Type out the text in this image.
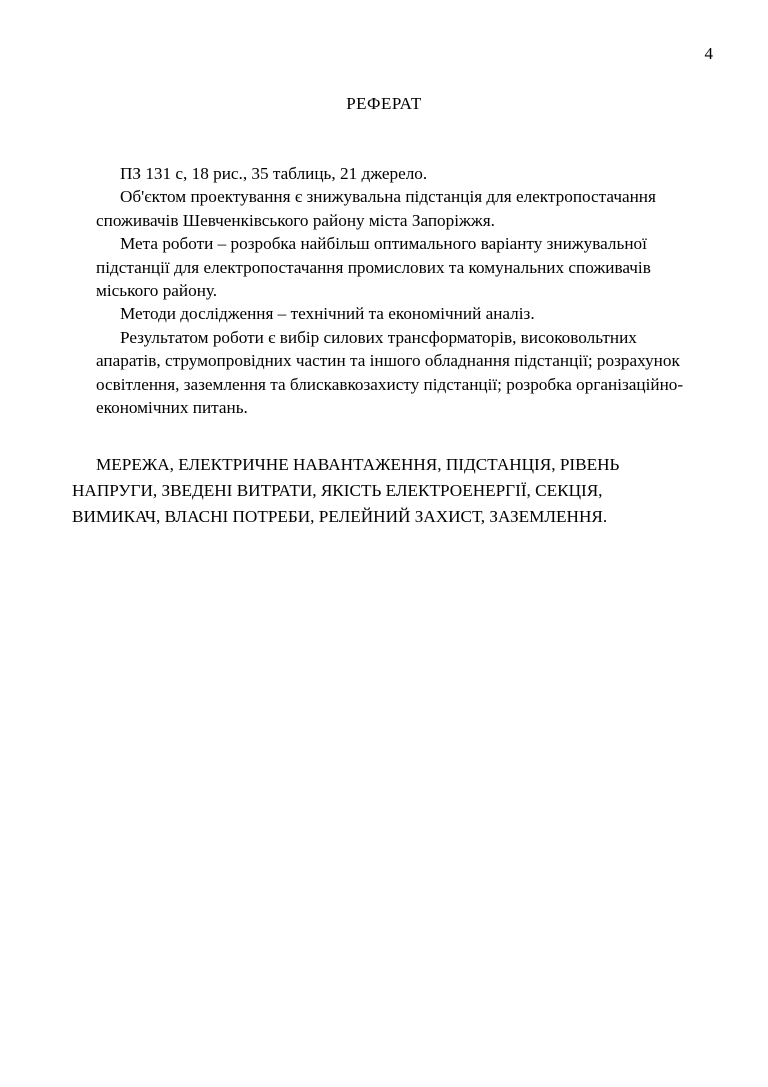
4
РЕФЕРАТ

ПЗ 131 с, 18 рис., 35 таблиць, 21 джерело.

Об'єктом проектування є знижувальна підстанція для електропостачання
споживачів Шевченківського району міста Запоріжжя.

Мета роботи – розробка найбільш оптимального варіанту знижувальної
підстанції для електропостачання промислових та комунальних споживачів
міського району.

Методи дослідження – технічний та економічний аналіз.

Результатом роботи є вибір силових трансформаторів, високовольтних
апаратів, струмопровідних частин та іншого обладнання підстанції; розрахунок
освітлення, заземлення та блискавкозахисту підстанції; розробка організаційно-
економічних питань.

МЕРЕЖА, ЕЛЕКТРИЧНЕ НАВАНТАЖЕННЯ, ПІДСТАНЦІЯ, РІВЕНЬ
НАПРУГИ, ЗВЕДЕНІ ВИТРАТИ, ЯКІСТЬ ЕЛЕКТРОЕНЕРГІЇ, СЕКЦІЯ,
ВИМИКАЧ, ВЛАСНІ ПОТРЕБИ, РЕЛЕЙНИЙ ЗАХИСТ, ЗАЗЕМЛЕННЯ.
